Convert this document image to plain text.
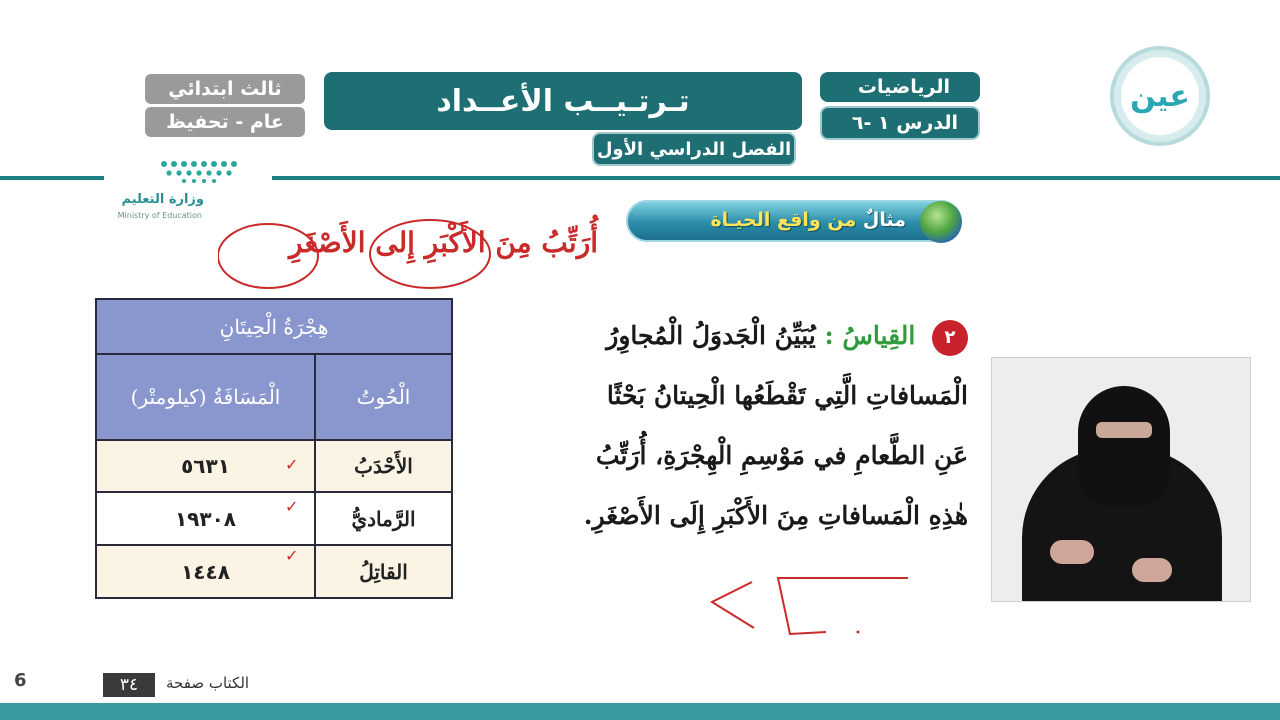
ثالث ابتدائي
عام - تحفيظ
تـرتـيــب الأعــداد
الفصل الدراسي الأول
الرياضيات
الدرس ١ -٦
عين
وزارة التعليم
Ministry of Education	مثالٌ من واقع الحيـاة
أُرَتِّبُ مِنَ الأَكْبَرِ إِلى الأَصْغَرِ
هِجْرَةُ الْحِيتَانِ	
الْحُوتُ	الْمَسَافَةُ (كيلومتْر)
الأَحْدَبُ	٥٦٣١ ✓

الرَّماديُّ	١٩٣٠٨ ✓

القاتِلُ	١٤٤٨
✓
٢ القِياسُ : يُبَيِّنُ الْجَدوَلُ الْمُجاوِرُ
الْمَسافاتِ الَّتِي تَقْطَعُها الْحِيتانُ بَحْثًا
عَنِ الطَّعامِ في مَوْسِمِ الْهِجْرَةِ، أُرَتِّبُ
هٰذِهِ الْمَسافاتِ مِنَ الأَكْبَرِ إِلَى الأَصْغَرِ.
6	٣٤	الكتاب صفحة
